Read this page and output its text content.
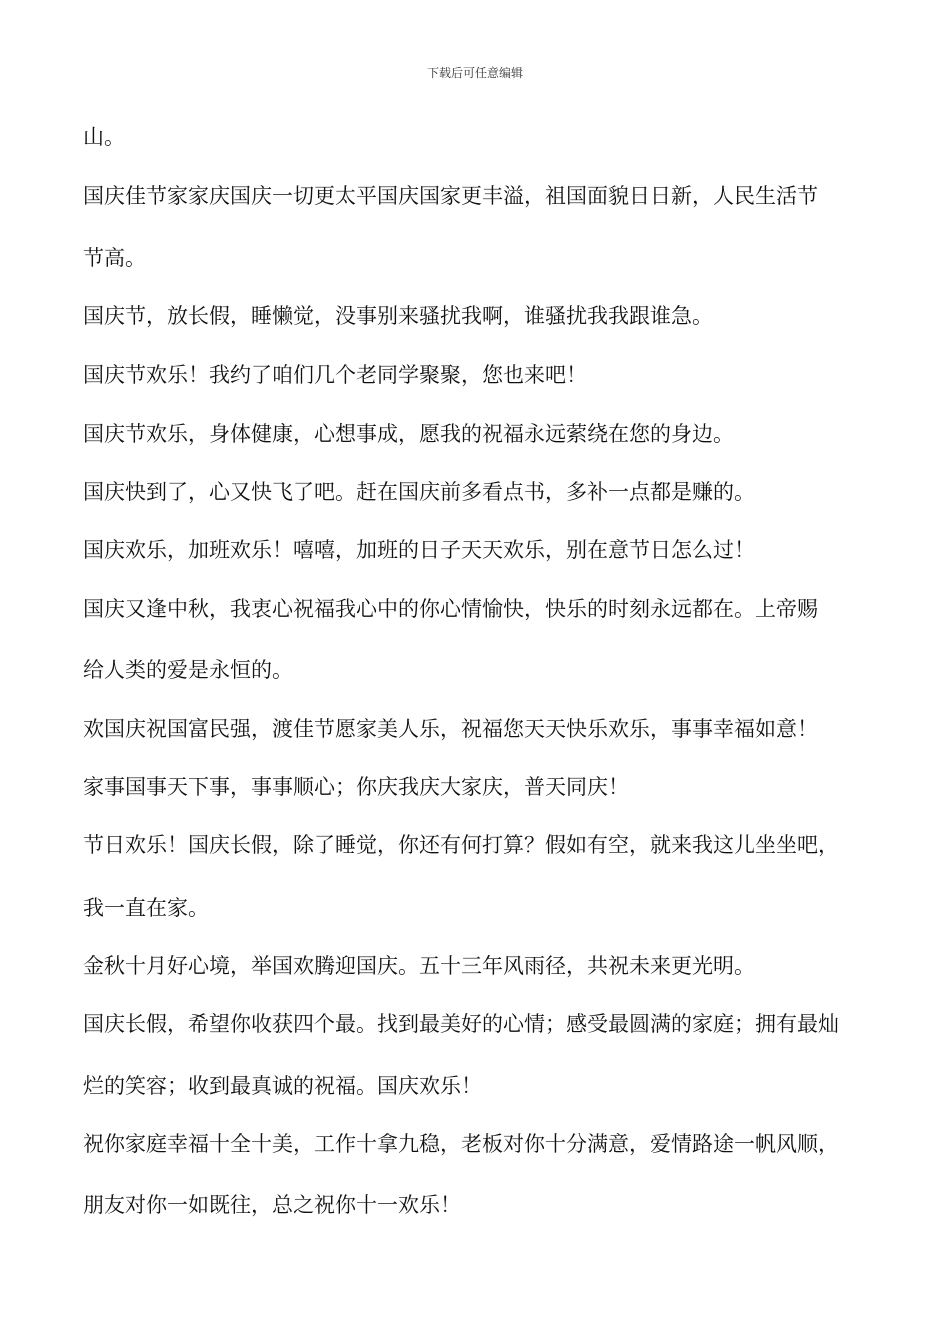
下载后可任意编辑
山。
国庆佳节家家庆国庆一切更太平国庆国家更丰溢，祖国面貌日日新，人民生活节
节高。
国庆节，放长假，睡懒觉，没事别来骚扰我啊，谁骚扰我我跟谁急。
国庆节欢乐！我约了咱们几个老同学聚聚，您也来吧！
国庆节欢乐，身体健康，心想事成，愿我的祝福永远萦绕在您的身边。
国庆快到了，心又快飞了吧。赶在国庆前多看点书，多补一点都是赚的。
国庆欢乐，加班欢乐！嘻嘻，加班的日子天天欢乐，别在意节日怎么过！
国庆又逢中秋，我衷心祝福我心中的你心情愉快，快乐的时刻永远都在。上帝赐
给人类的爱是永恒的。
欢国庆祝国富民强，渡佳节愿家美人乐，祝福您天天快乐欢乐，事事幸福如意！
家事国事天下事，事事顺心；你庆我庆大家庆，普天同庆！
节日欢乐！国庆长假，除了睡觉，你还有何打算？假如有空，就来我这儿坐坐吧，
我一直在家。
金秋十月好心境，举国欢腾迎国庆。五十三年风雨径，共祝未来更光明。
国庆长假，希望你收获四个最。找到最美好的心情；感受最圆满的家庭；拥有最灿
烂的笑容；收到最真诚的祝福。国庆欢乐！
祝你家庭幸福十全十美，工作十拿九稳，老板对你十分满意，爱情路途一帆风顺，
朋友对你一如既往，总之祝你十一欢乐！
